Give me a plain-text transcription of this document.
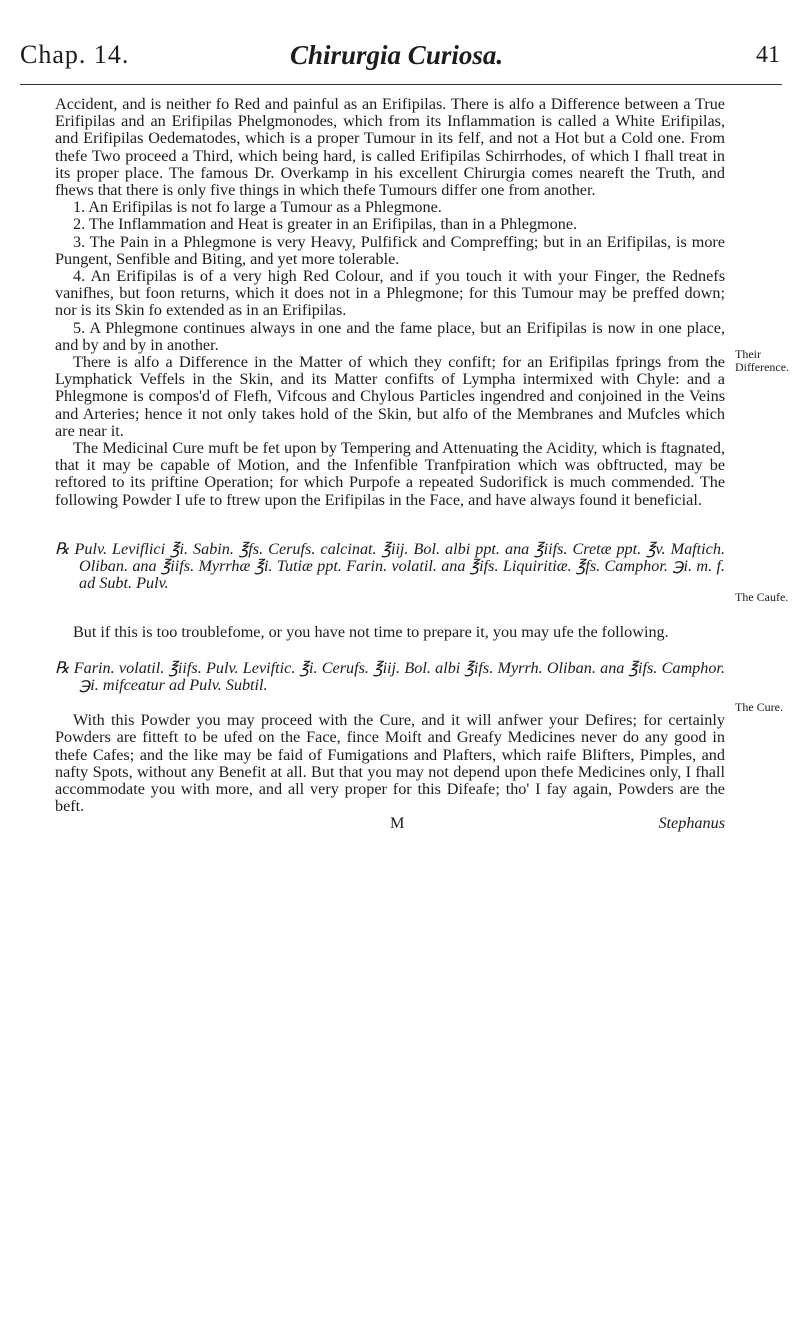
Chap. 14.	Chirurgia Curiosa.	41

Accident, and is neither fo Red and painful as an Erifipilas. There is alfo a Difference between a True Erifipilas and an Erifipilas Phelgmonodes, which from its Inflammation is called a White Erifipilas, and Erifipilas Oedematodes, which is a proper Tumour in its felf, and not a Hot but a Cold one. From thefe Two proceed a Third, which being hard, is called Erifipilas Schirrhodes, of which I fhall treat in its proper place. The famous Dr. Overkamp in his excellent Chirurgia comes neareft the Truth, and fhews that there is only five things in which thefe Tumours differ one from another.

1. An Erifipilas is not fo large a Tumour as a Phlegmone.

2. The Inflammation and Heat is greater in an Erifipilas, than in a Phlegmone.

3. The Pain in a Phlegmone is very Heavy, Pulfifick and Compreffing; but in an Erifipilas, is more Pungent, Senfible and Biting, and yet more tolerable.

4. An Erifipilas is of a very high Red Colour, and if you touch it with your Finger, the Rednefs vanifhes, but foon returns, which it does not in a Phlegmone; for this Tumour may be preffed down; nor is its Skin fo extended as in an Erifipilas.

5. A Phlegmone continues always in one and the fame place, but an Erifipilas is now in one place, and by and by in another.

There is alfo a Difference in the Matter of which they confift; for an Erifipilas fprings from the Lymphatick Veffels in the Skin, and its Matter confifts of Lympha intermixed with Chyle: and a Phlegmone is compos'd of Flefh, Vifcous and Chylous Particles ingendred and conjoined in the Veins and Arteries; hence it not only takes hold of the Skin, but alfo of the Membranes and Mufcles which are near it.

The Medicinal Cure muft be fet upon by Tempering and Attenuating the Acidity, which is ftagnated, that it may be capable of Motion, and the Infenfible Tranfpiration which was obftructed, may be reftored to its priftine Operation; for which Purpofe a repeated Sudorifick is much commended. The following Powder I ufe to ftrew upon the Erifipilas in the Face, and have always found it beneficial.

℞ Pulv. Leviflici ℥i. Sabin. ℥fs. Cerufs. calcinat. ℥iij. Bol. albi ppt. ana ℥iifs. Cretæ ppt. ℥v. Maftich. Oliban. ana ℥iifs. Myrrhæ ℥i. Tutiæ ppt. Farin. volatil. ana ℥ifs. Liquiritiæ. ℥fs. Camphor. ℈i. m. f. ad Subt. Pulv.

But if this is too troublefome, or you have not time to prepare it, you may ufe the following.

℞ Farin. volatil. ℥iifs. Pulv. Leviftic. ℥i. Cerufs. ℥iij. Bol. albi ℥ifs. Myrrh. Oliban. ana ℥ifs. Camphor. ℈i. mifceatur ad Pulv. Subtil.

With this Powder you may proceed with the Cure, and it will anfwer your Defires; for certainly Powders are fitteft to be ufed on the Face, fince Moift and Greafy Medicines never do any good in thefe Cafes; and the like may be faid of Fumigations and Plafters, which raife Blifters, Pimples, and nafty Spots, without any Benefit at all. But that you may not depend upon thefe Medicines only, I fhall accommodate you with more, and all very proper for this Difeafe; tho' I fay again, Powders are the beft.

M	Stephanus
Their Difference.
The Caufe.
The Cure.
